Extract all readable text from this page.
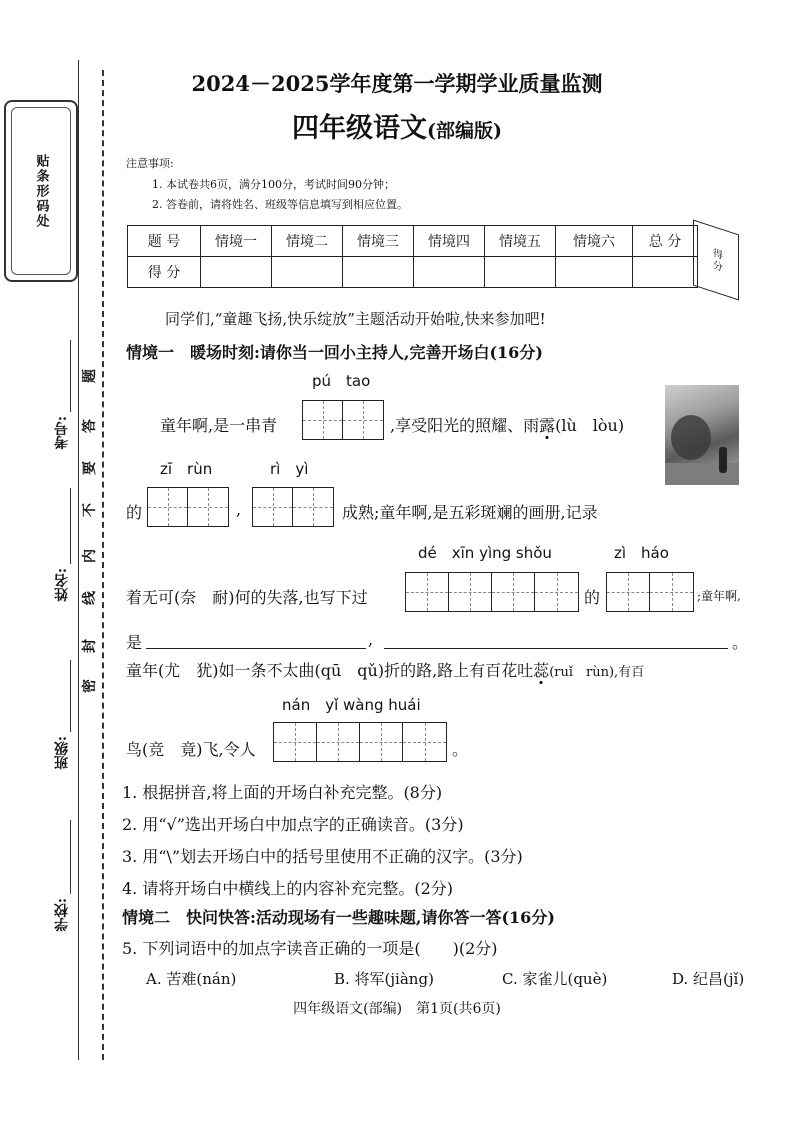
贴条形码处
考号:
姓名:
班级:
学校:
题
答
要
不
内
线
封
密
2024－2025学年度第一学期学业质量监测
四年级语文(部编版)
注意事项:
1. 本试卷共6页，满分100分，考试时间90分钟；
2. 答卷前，请将姓名、班级等信息填写到相应位置。
题 号	情境一	情境二	情境三	情境四	情境五	情境六	总 分
得 分								得分
同学们,“童趣飞扬,快乐绽放”主题活动开始啦,快来参加吧!
情境一　暖场时刻:请你当一回小主持人,完善开场白(16分)
pú　tao
童年啊,是一串青	,享受阳光的照耀、雨露(lù　lòu)
zī　rùn	rì　yì
的	,	成熟;童年啊,是五彩斑斓的画册,记录
dé　xīn yìng shǒu	zì　háo
着无可(奈　耐)何的失落,也写下过	的	;童年啊,
是	,	。
童年(尤　犹)如一条不太曲(qū　qǔ)折的路,路上有百花吐蕊(ruǐ　rùn),有百
nán　yǐ wàng huái
鸟(竞　竟)飞,令人	。
1. 根据拼音,将上面的开场白补充完整。(8分)
2. 用“√”选出开场白中加点字的正确读音。(3分)
3. 用“\”划去开场白中的括号里使用不正确的汉字。(3分)
4. 请将开场白中横线上的内容补充完整。(2分)
情境二　快问快答:活动现场有一些趣味题,请你答一答(16分)
5. 下列词语中的加点字读音正确的一项是(　　)(2分)
A. 苦难(nán)	B. 将军(jiàng)	C. 家雀儿(què)	D. 纪昌(jǐ)
四年级语文(部编)　第1页(共6页)
